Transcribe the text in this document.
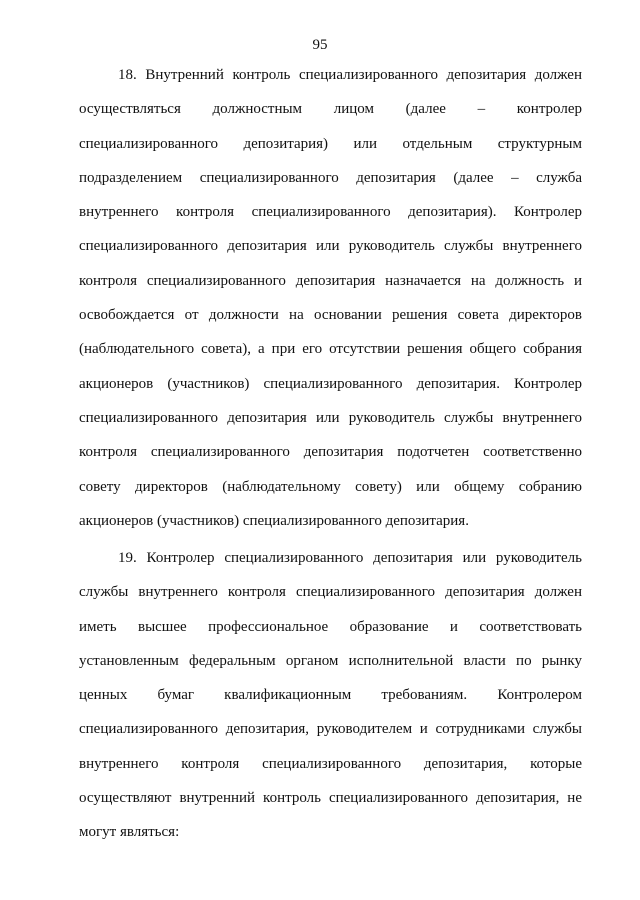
95
18. Внутренний контроль специализированного депозитария должен
осуществляться должностным лицом (далее – контролер
специализированного депозитария) или отдельным структурным
подразделением специализированного депозитария (далее – служба
внутреннего контроля специализированного депозитария). Контролер
специализированного депозитария или руководитель службы внутреннего
контроля специализированного депозитария назначается на должность и
освобождается от должности на основании решения совета директоров
(наблюдательного совета), а при его отсутствии решения общего собрания
акционеров (участников) специализированного депозитария. Контролер
специализированного депозитария или руководитель службы внутреннего
контроля специализированного депозитария подотчетен соответственно
совету директоров (наблюдательному совету) или общему собранию
акционеров (участников) специализированного депозитария.
19. Контролер специализированного депозитария или руководитель
службы внутреннего контроля специализированного депозитария должен
иметь высшее профессиональное образование и соответствовать
установленным федеральным органом исполнительной власти по рынку
ценных бумаг квалификационным требованиям. Контролером
специализированного депозитария, руководителем и сотрудниками службы
внутреннего контроля специализированного депозитария, которые
осуществляют внутренний контроль специализированного депозитария, не
могут являться:
